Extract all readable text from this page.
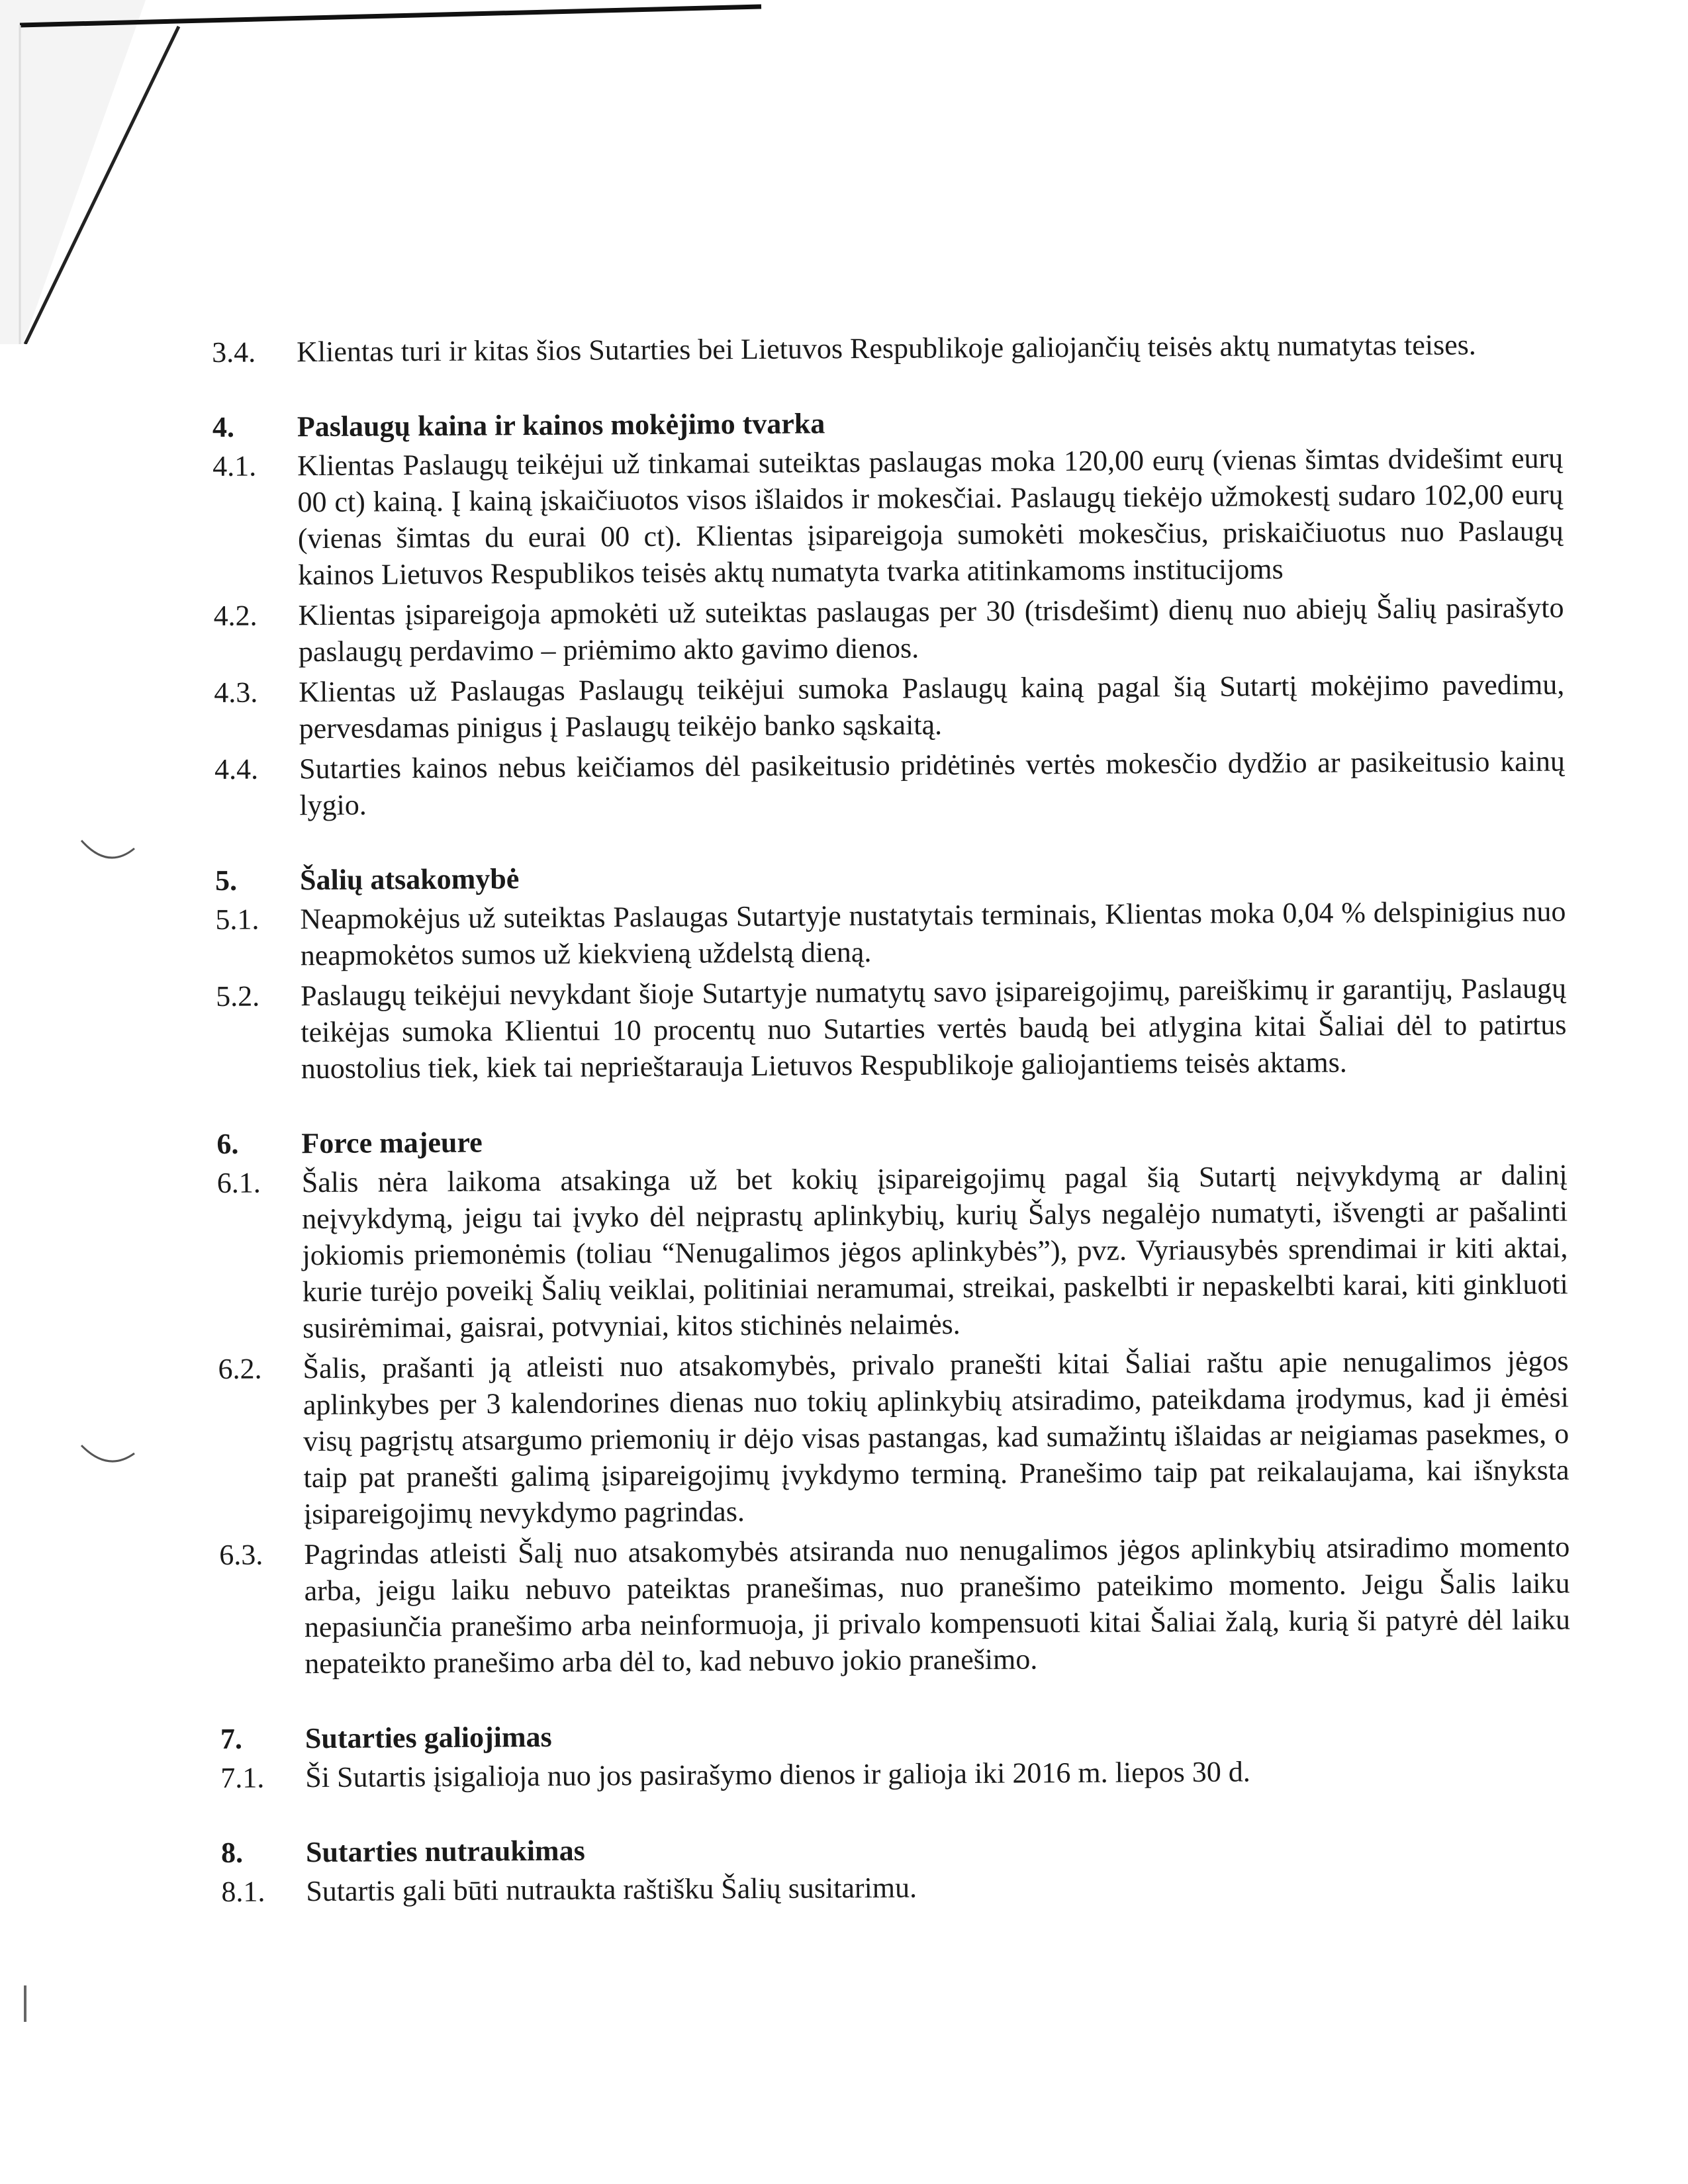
3.4. Klientas turi ir kitas šios Sutarties bei Lietuvos Respublikoje galiojančių teisės aktų numatytas teises.
4. Paslaugų kaina ir kainos mokėjimo tvarka
4.1. Klientas Paslaugų teikėjui už tinkamai suteiktas paslaugas moka 120,00 eurų (vienas šimtas dvidešimt eurų 00 ct) kainą. Į kainą įskaičiuotos visos išlaidos ir mokesčiai. Paslaugų tiekėjo užmokestį sudaro 102,00 eurų (vienas šimtas du eurai 00 ct). Klientas įsipareigoja sumokėti mokesčius, priskaičiuotus nuo Paslaugų kainos Lietuvos Respublikos teisės aktų numatyta tvarka atitinkamoms institucijoms
4.2. Klientas įsipareigoja apmokėti už suteiktas paslaugas per 30 (trisdešimt) dienų nuo abiejų Šalių pasirašyto paslaugų perdavimo – priėmimo akto gavimo dienos.
4.3. Klientas už Paslaugas Paslaugų teikėjui sumoka Paslaugų kainą pagal šią Sutartį mokėjimo pavedimu, pervesdamas pinigus į Paslaugų teikėjo banko sąskaitą.
4.4. Sutarties kainos nebus keičiamos dėl pasikeitusio pridėtinės vertės mokesčio dydžio ar pasikeitusio kainų lygio.
5. Šalių atsakomybė
5.1. Neapmokėjus už suteiktas Paslaugas Sutartyje nustatytais terminais, Klientas moka 0,04 % delspinigius nuo neapmokėtos sumos už kiekvieną uždelstą dieną.
5.2. Paslaugų teikėjui nevykdant šioje Sutartyje numatytų savo įsipareigojimų, pareiškimų ir garantijų, Paslaugų teikėjas sumoka Klientui 10 procentų nuo Sutarties vertės baudą bei atlygina kitai Šaliai dėl to patirtus nuostolius tiek, kiek tai neprieštarauja Lietuvos Respublikoje galiojantiems teisės aktams.
6. Force majeure
6.1. Šalis nėra laikoma atsakinga už bet kokių įsipareigojimų pagal šią Sutartį neįvykdymą ar dalinį neįvykdymą, jeigu tai įvyko dėl neįprastų aplinkybių, kurių Šalys negalėjo numatyti, išvengti ar pašalinti jokiomis priemonėmis (toliau “Nenugalimos jėgos aplinkybės”), pvz. Vyriausybės sprendimai ir kiti aktai, kurie turėjo poveikį Šalių veiklai, politiniai neramumai, streikai, paskelbti ir nepaskelbti karai, kiti ginkluoti susirėmimai, gaisrai, potvyniai, kitos stichinės nelaimės.
6.2. Šalis, prašanti ją atleisti nuo atsakomybės, privalo pranešti kitai Šaliai raštu apie nenugalimos jėgos aplinkybes per 3 kalendorines dienas nuo tokių aplinkybių atsiradimo, pateikdama įrodymus, kad ji ėmėsi visų pagrįstų atsargumo priemonių ir dėjo visas pastangas, kad sumažintų išlaidas ar neigiamas pasekmes, o taip pat pranešti galimą įsipareigojimų įvykdymo terminą. Pranešimo taip pat reikalaujama, kai išnyksta įsipareigojimų nevykdymo pagrindas.
6.3. Pagrindas atleisti Šalį nuo atsakomybės atsiranda nuo nenugalimos jėgos aplinkybių atsiradimo momento arba, jeigu laiku nebuvo pateiktas pranešimas, nuo pranešimo pateikimo momento. Jeigu Šalis laiku nepasiunčia pranešimo arba neinformuoja, ji privalo kompensuoti kitai Šaliai žalą, kurią ši patyrė dėl laiku nepateikto pranešimo arba dėl to, kad nebuvo jokio pranešimo.
7. Sutarties galiojimas
7.1. Ši Sutartis įsigalioja nuo jos pasirašymo dienos ir galioja iki 2016 m. liepos 30 d.
8. Sutarties nutraukimas
8.1. Sutartis gali būti nutraukta raštišku Šalių susitarimu.
